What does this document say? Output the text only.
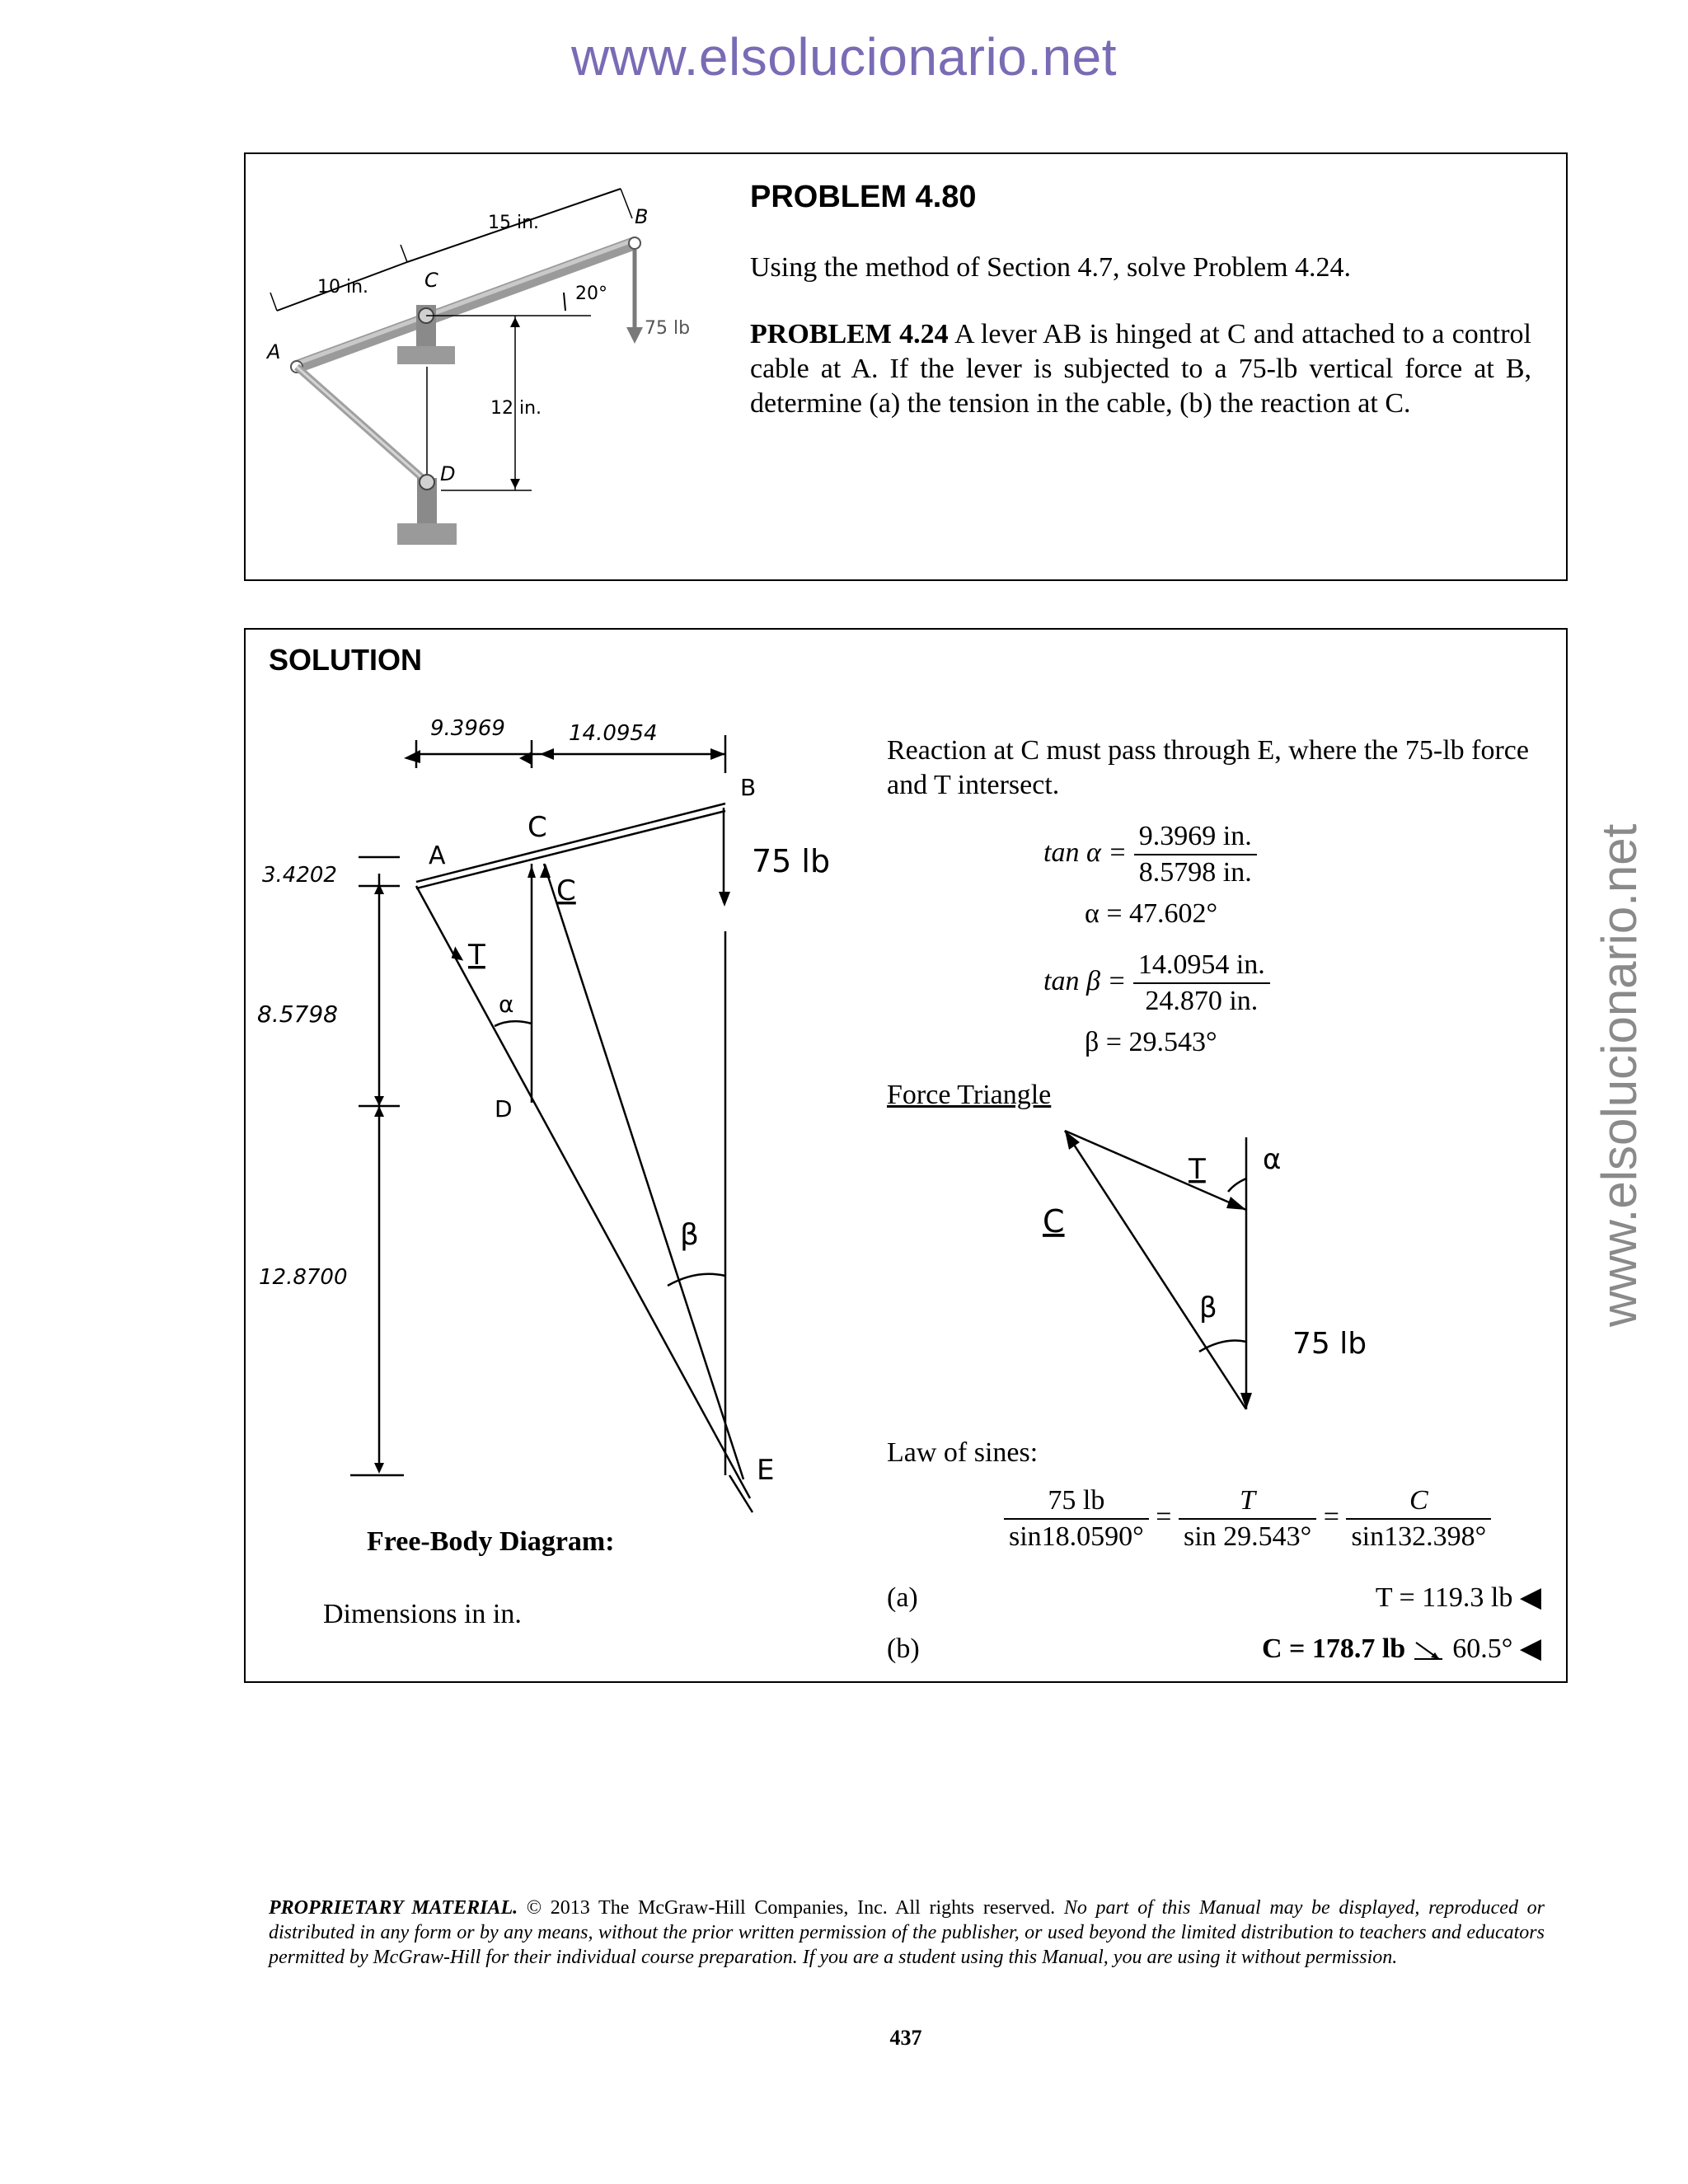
www.elsolucionario.net
www.elsolucionario.net
15 in.
10 in.	C
20°
75 lb
B
A
D
12 in.
PROBLEM 4.80
Using the method of Section 4.7, solve Problem 4.24.
PROBLEM 4.24 A lever AB is hinged at C and attached to a control cable at A. If the lever is subjected to a 75-lb vertical force at B, determine (a) the tension in the cable, (b) the reaction at C.
SOLUTION
9.3969	14.0954
B
C
A	75 lb
C
3.4202
T
α
8.5798
D
β
12.8700
E
Free-Body Diagram:
Dimensions in in.
Reaction at C must pass through E, where the 75-lb force and T intersect.
$\tan \alpha = \frac{9.3969 in.}{8.5798 in.}$
α = 47.602°
$\tan \beta = \frac{14.0954 in.}{24.870 in.}$
β = 29.543°
Force Triangle
T α
C
β
75 lb
Law of sines:
$\frac{75 lb}{\sin 18.0590^\circ} = \frac{T}{\sin 29.543^\circ} = \frac{C}{\sin 132.398^\circ}$
(a)	T = 119.3 lb ◀
(b)	C = 178.7 lb 60.5° ◀
PROPRIETARY MATERIAL. © 2013 The McGraw-Hill Companies, Inc. All rights reserved. No part of this Manual may be displayed, reproduced or distributed in any form or by any means, without the prior written permission of the publisher, or used beyond the limited distribution to teachers and educators permitted by McGraw-Hill for their individual course preparation. If you are a student using this Manual, you are using it without permission.
437
